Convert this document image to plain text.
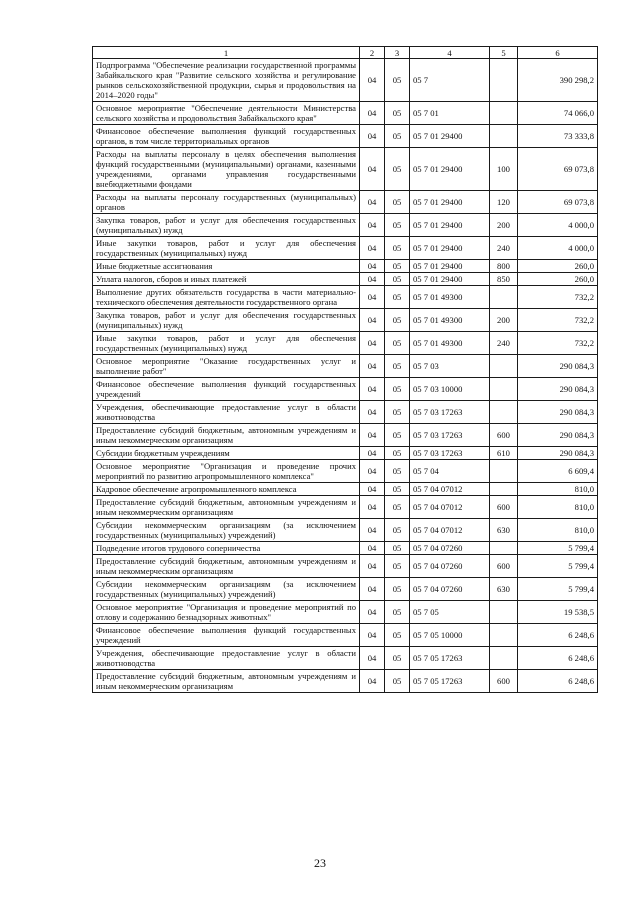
1	2	3	4	5	6
Подпрограмма "Обеспечение реализации государственной программы Забайкальского края "Развитие сельского хозяйства и регулирование рынков сельскохозяйственной продукции, сырья и продовольствия на 2014–2020 годы"	04	05	05 7		390 298,2
Основное мероприятие "Обеспечение деятельности Министерства сельского хозяйства и продовольствия Забайкальского края"	04	05	05 7 01		74 066,0
Финансовое обеспечение выполнения функций государственных органов, в том числе территориальных органов	04	05	05 7 01 29400		73 333,8
Расходы на выплаты персоналу в целях обеспечения выполнения функций государственными (муниципальными) органами, казенными учреждениями, органами управления государственными внебюджетными фондами	04	05	05 7 01 29400	100	69 073,8
Расходы на выплаты персоналу государственных (муниципальных) органов	04	05	05 7 01 29400	120	69 073,8
Закупка товаров, работ и услуг для обеспечения государственных (муниципальных) нужд	04	05	05 7 01 29400	200	4 000,0
Иные закупки товаров, работ и услуг для обеспечения государственных (муниципальных) нужд	04	05	05 7 01 29400	240	4 000,0
Иные бюджетные ассигнования	04	05	05 7 01 29400	800	260,0
Уплата налогов, сборов и иных платежей	04	05	05 7 01 29400	850	260,0
Выполнение других обязательств государства в части материально-технического обеспечения деятельности государственного органа	04	05	05 7 01 49300		732,2
Закупка товаров, работ и услуг для обеспечения государственных (муниципальных) нужд	04	05	05 7 01 49300	200	732,2
Иные закупки товаров, работ и услуг для обеспечения государственных (муниципальных) нужд	04	05	05 7 01 49300	240	732,2
Основное мероприятие "Оказание государственных услуг и выполнение работ"	04	05	05 7 03		290 084,3
Финансовое обеспечение выполнения функций государственных учреждений	04	05	05 7 03 10000		290 084,3
Учреждения, обеспечивающие предоставление услуг в области животноводства	04	05	05 7 03 17263		290 084,3
Предоставление субсидий бюджетным, автономным учреждениям и иным некоммерческим организациям	04	05	05 7 03 17263	600	290 084,3
Субсидии бюджетным учреждениям	04	05	05 7 03 17263	610	290 084,3
Основное мероприятие "Организация и проведение прочих мероприятий по развитию агропромышленного комплекса"	04	05	05 7 04		6 609,4
Кадровое обеспечение агропромышленного комплекса	04	05	05 7 04 07012		810,0
Предоставление субсидий бюджетным, автономным учреждениям и иным некоммерческим организациям	04	05	05 7 04 07012	600	810,0
Субсидии некоммерческим организациям (за исключением государственных (муниципальных) учреждений)	04	05	05 7 04 07012	630	810,0
Подведение итогов трудового соперничества	04	05	05 7 04 07260		5 799,4
Предоставление субсидий бюджетным, автономным учреждениям и иным некоммерческим организациям	04	05	05 7 04 07260	600	5 799,4
Субсидии некоммерческим организациям (за исключением государственных (муниципальных) учреждений)	04	05	05 7 04 07260	630	5 799,4
Основное мероприятие "Организация и проведение мероприятий по отлову и содержанию безнадзорных животных"	04	05	05 7 05		19 538,5
Финансовое обеспечение выполнения функций государственных учреждений	04	05	05 7 05 10000		6 248,6
Учреждения, обеспечивающие предоставление услуг в области животноводства	04	05	05 7 05 17263		6 248,6
Предоставление субсидий бюджетным, автономным учреждениям и иным некоммерческим организациям	04	05	05 7 05 17263	600	6 248,6
23
